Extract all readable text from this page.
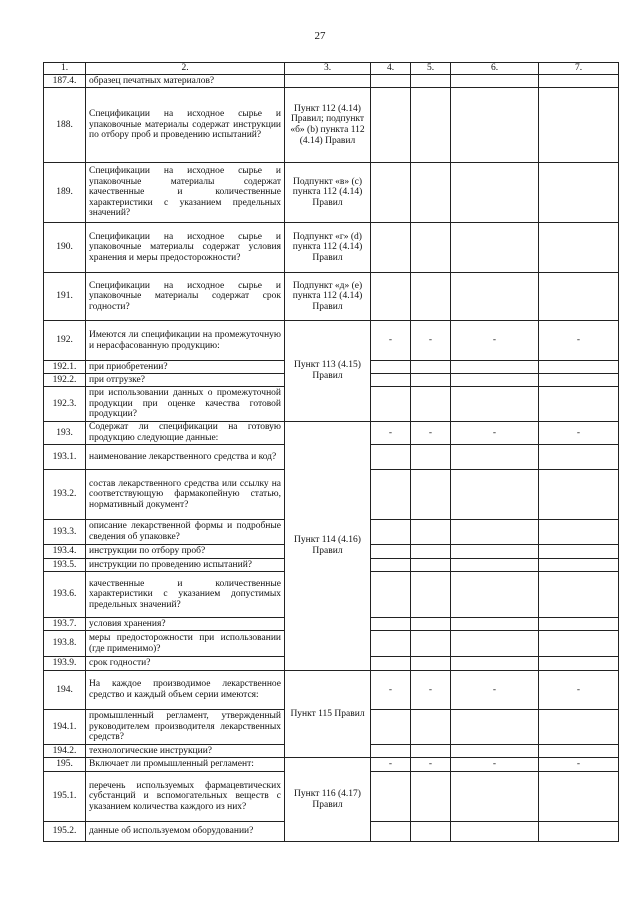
27
1.	2.	3.	4.	5.	6.	7.
187.4.	образец печатных материалов?					
188.	Спецификации на исходное сырье и упаковочные материалы содержат инструкции по отбору проб и проведению испытаний?	Пункт 112 (4.14) Правил; подпункт «б» (b) пункта 112 (4.14) Правил				
189.	Спецификации на исходное сырье и упаковочные материалы содержат качественные и количественные характеристики с указанием предельных значений?	Подпункт «в» (с) пункта 112 (4.14) Правил				
190.	Спецификации на исходное сырье и упаковочные материалы содержат условия хранения и меры предосторожности?	Подпункт «г» (d) пункта 112 (4.14) Правил				
191.	Спецификации на исходное сырье и упаковочные материалы содержат срок годности?	Подпункт «д» (е) пункта 112 (4.14) Правил				
192.	Имеются ли спецификации на промежуточную и нерасфасованную продукцию:	Пункт 113 (4.15) Правил	-	-	-	-
192.1.	при приобретении?					
192.2.	при отгрузке?					
192.3.	при использовании данных о промежуточной продукции при оценке качества готовой продукции?					
193.	Содержат ли спецификации на готовую продукцию следующие данные:	Пункт 114 (4.16) Правил	-	-	-	-
193.1.	наименование лекарственного средства и код?					
193.2.	состав лекарственного средства или ссылку на соответствующую фармакопейную статью, нормативный документ?					
193.3.	описание лекарственной формы и подробные сведения об упаковке?					
193.4.	инструкции по отбору проб?					
193.5.	инструкции по проведению испытаний?					
193.6.	качественные и количественные характеристики с указанием допустимых предельных значений?					
193.7.	условия хранения?					
193.8.	меры предосторожности при использовании (где применимо)?					
193.9.	срок годности?					
194.	На каждое производимое лекарственное средство и каждый объем серии имеются:	Пункт 115 Правил	-	-	-	-
194.1.	промышленный регламент, утвержденный руководителем производителя лекарственных средств?					
194.2.	технологические инструкции?					
195.	Включает ли промышленный регламент:	Пункт 116 (4.17) Правил	-	-	-	-
195.1.	перечень используемых фармацевтических субстанций и вспомогательных веществ с указанием количества каждого из них?					
195.2.	данные об используемом оборудовании?					
